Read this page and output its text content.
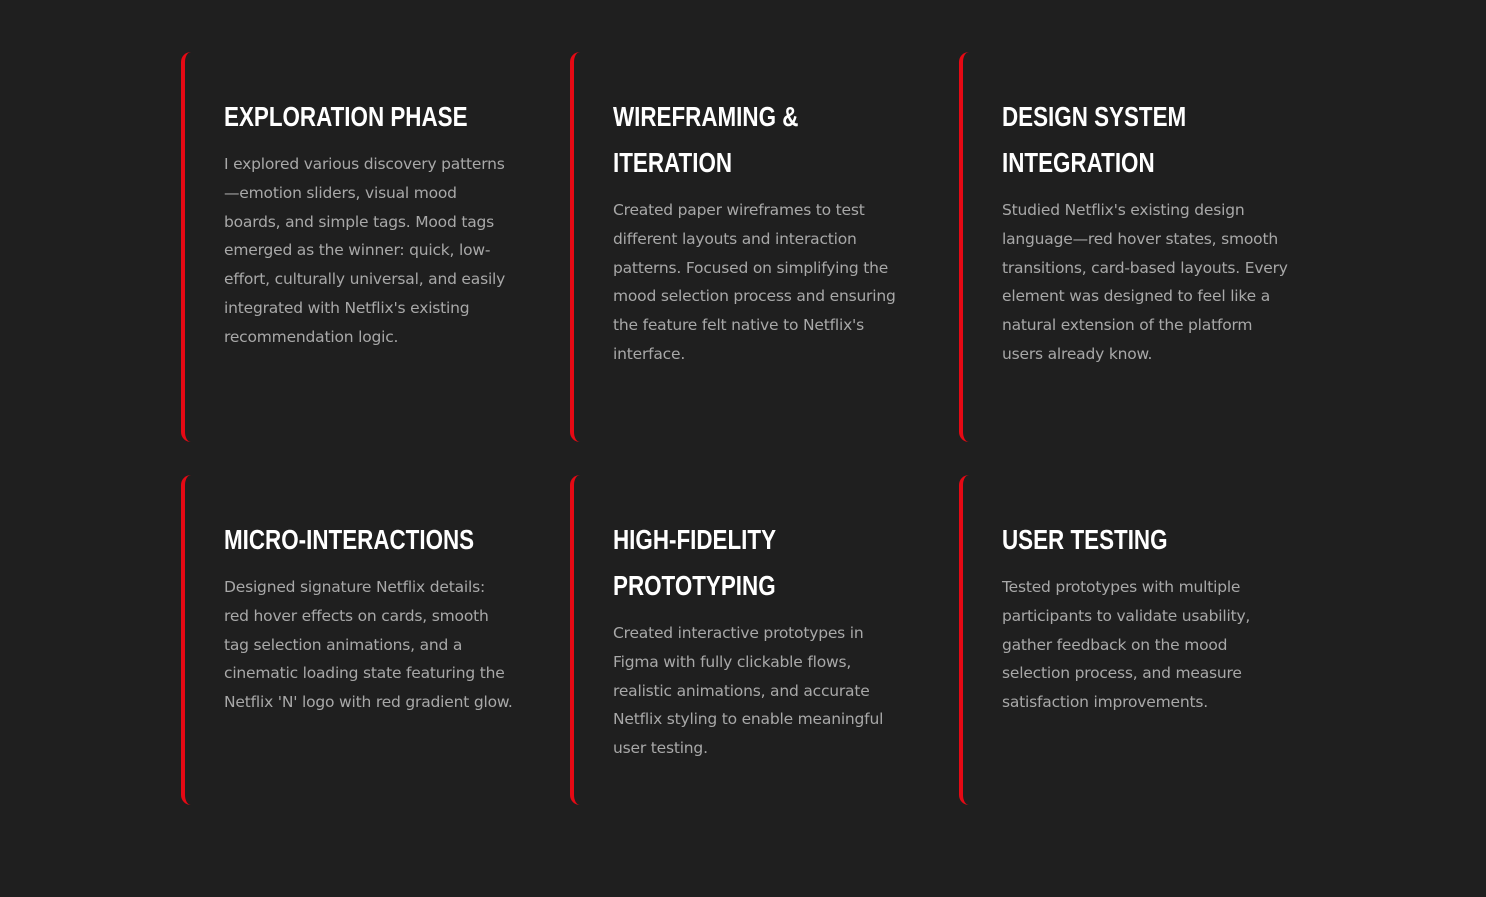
EXPLORATION PHASE

I explored various discovery patterns—emotion sliders, visual mood boards, and simple tags. Mood tags emerged as the winner: quick, low-effort, culturally universal, and easily integrated with Netflix's existing recommendation logic.

WIREFRAMING & ITERATION

Created paper wireframes to test different layouts and interaction patterns. Focused on simplifying the mood selection process and ensuring the feature felt native to Netflix's interface.

DESIGN SYSTEM INTEGRATION

Studied Netflix's existing design language—red hover states, smooth transitions, card-based layouts. Every element was designed to feel like a natural extension of the platform users already know.

MICRO-INTERACTIONS

Designed signature Netflix details: red hover effects on cards, smooth tag selection animations, and a cinematic loading state featuring the Netflix 'N' logo with red gradient glow.

HIGH-FIDELITY PROTOTYPING

Created interactive prototypes in Figma with fully clickable flows, realistic animations, and accurate Netflix styling to enable meaningful user testing.

USER TESTING

Tested prototypes with multiple participants to validate usability, gather feedback on the mood selection process, and measure satisfaction improvements.
